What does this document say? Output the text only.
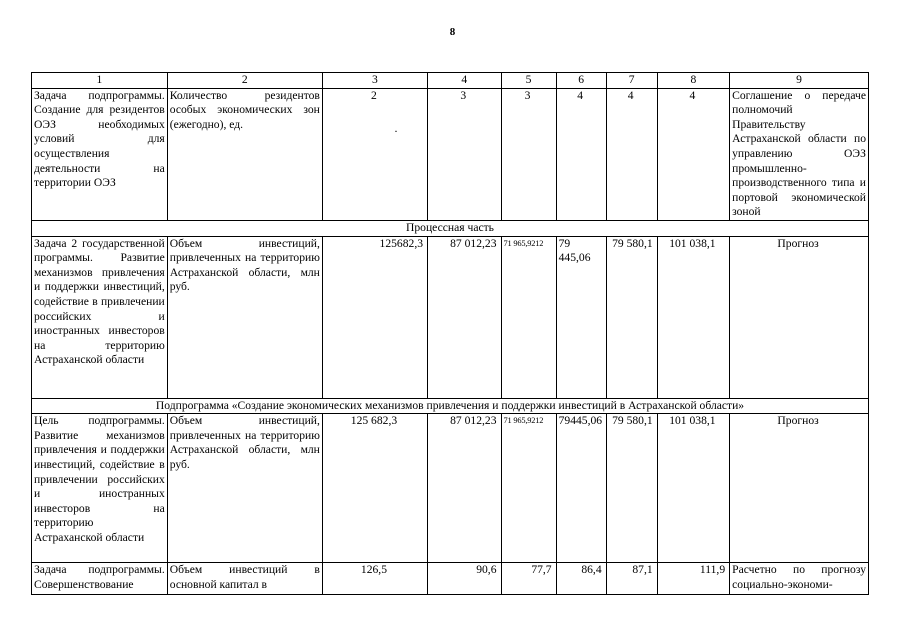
8
·
1	2	3	4	5	6	7	8	9
Задача подпрограммы. Создание для резидентов ОЭЗ необходимых условий для осуществления деятельности на территории ОЭЗ	Количество резидентов особых экономических зон (ежегодно), ед.	2	3	3	4	4	4	Соглашение о передаче полномочий Правительству Астраханской области по управлению ОЭЗ промышленно-производственного типа и портовой экономической зоной
Процессная часть								
Задача 2 государственной программы. Развитие механизмов привлечения и поддержки инвестиций, содействие в привлечении российских и иностранных инвесторов на территорию Астраханской области	Объем инвестиций, привлеченных на территорию Астраханской области, млн руб.	125682,3	87 012,23	71 965,9212	79 445,06	79 580,1	101 038,1	Прогноз
Подпрограмма «Создание экономических механизмов привлечения и поддержки инвестиций в Астраханской области»								
Цель подпрограммы. Развитие механизмов привлечения и поддержки инвестиций, содействие в привлечении российских и иностранных инвесторов на территорию Астраханской области	Объем инвестиций, привлеченных на территорию Астраханской области, млн руб.	125 682,3	87 012,23	71 965,9212	79445,06	79 580,1	101 038,1	Прогноз
Задача подпрограммы. Совершенствование	Объем инвестиций в основной капитал в	126,5	90,6	77,7	86,4	87,1	111,9	Расчетно по прогнозу социально-экономи-
